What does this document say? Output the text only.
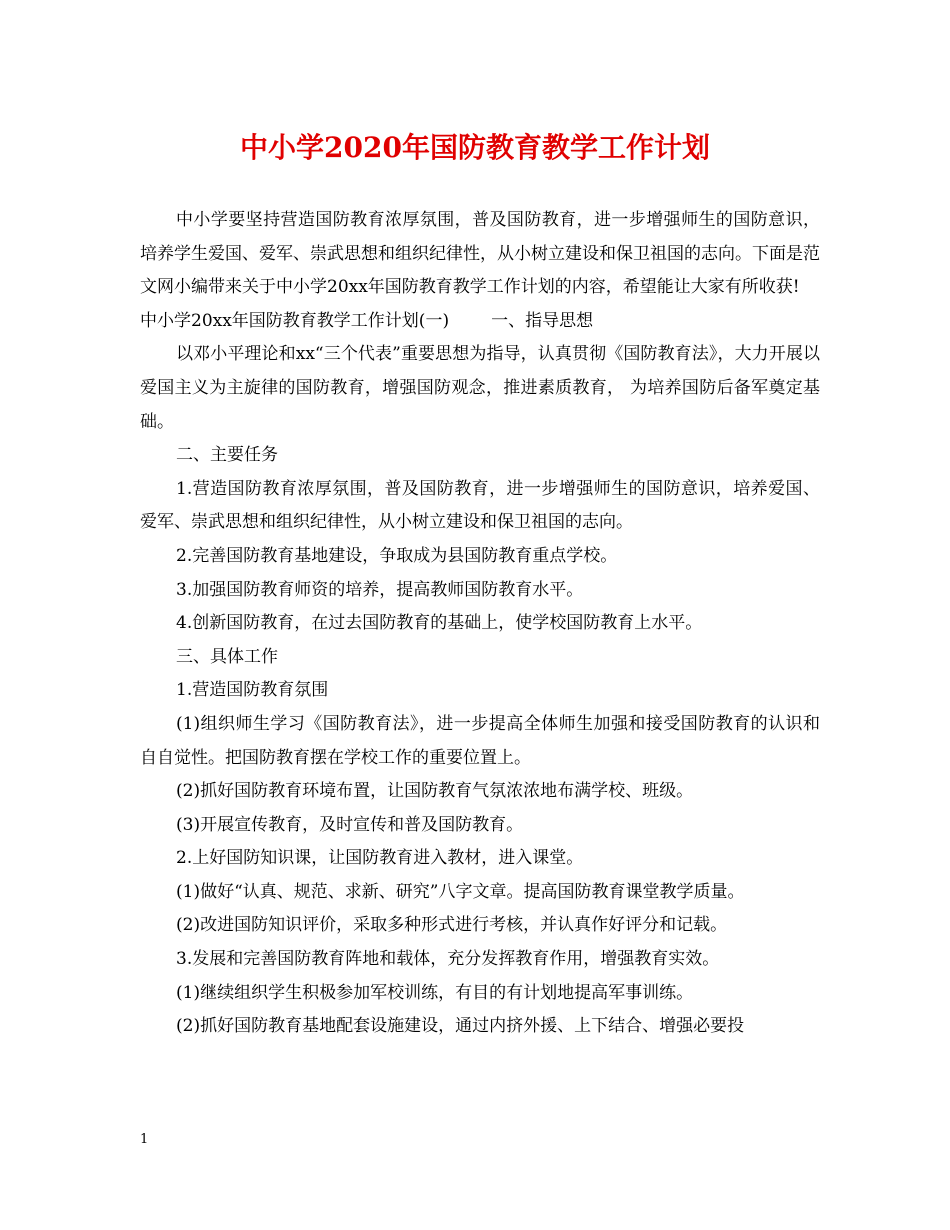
中小学2020年国防教育教学工作计划

中小学要坚持营造国防教育浓厚氛围，普及国防教育，进一步增强师生的国防意识，培养学生爱国、爱军、崇武思想和组织纪律性，从小树立建设和保卫祖国的志向。下面是范文网小编带来关于中小学20xx年国防教育教学工作计划的内容，希望能让大家有所收获!

中小学20xx年国防教育教学工作计划(一) 一、指导思想

以邓小平理论和xx“三个代表”重要思想为指导，认真贯彻《国防教育法》，大力开展以爱国主义为主旋律的国防教育，增强国防观念，推进素质教育， 为培养国防后备军奠定基础。

二、主要任务

1.营造国防教育浓厚氛围，普及国防教育，进一步增强师生的国防意识，培养爱国、爱军、崇武思想和组织纪律性，从小树立建设和保卫祖国的志向。

2.完善国防教育基地建设，争取成为县国防教育重点学校。

3.加强国防教育师资的培养，提高教师国防教育水平。

4.创新国防教育，在过去国防教育的基础上，使学校国防教育上水平。

三、具体工作

1.营造国防教育氛围

(1)组织师生学习《国防教育法》，进一步提高全体师生加强和接受国防教育的认识和自自觉性。把国防教育摆在学校工作的重要位置上。

(2)抓好国防教育环境布置，让国防教育气氛浓浓地布满学校、班级。

(3)开展宣传教育，及时宣传和普及国防教育。

2.上好国防知识课，让国防教育进入教材，进入课堂。

(1)做好“认真、规范、求新、研究”八字文章。提高国防教育课堂教学质量。

(2)改进国防知识评价，采取多种形式进行考核，并认真作好评分和记载。

3.发展和完善国防教育阵地和载体，充分发挥教育作用，增强教育实效。

(1)继续组织学生积极参加军校训练，有目的有计划地提高军事训练。

(2)抓好国防教育基地配套设施建设，通过内挤外援、上下结合、增强必要投

1
